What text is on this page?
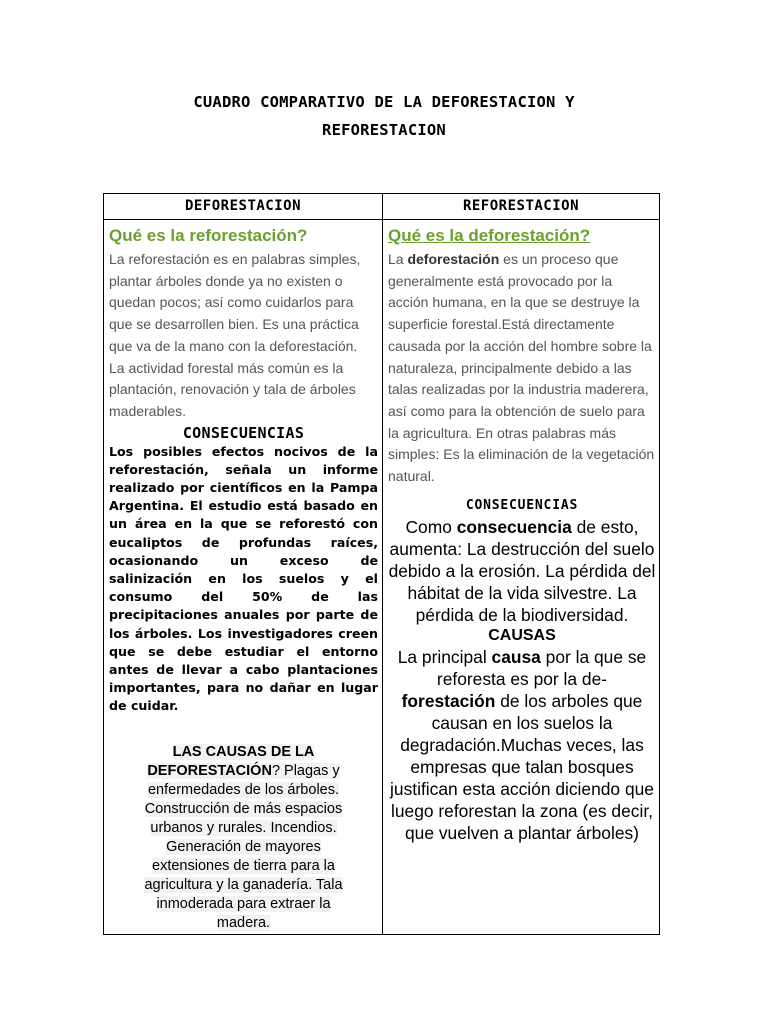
CUADRO COMPARATIVO DE LA DEFORESTACION Y
REFORESTACION
DEFORESTACION	REFORESTACION
Qué es la reforestación?

La reforestación es en palabras simples, plantar árboles donde ya no existen o quedan pocos; así como cuidarlos para que se desarrollen bien. Es una práctica que va de la mano con la deforestación.

La actividad forestal más común es la plantación, renovación y tala de árboles maderables.

CONSECUENCIAS

Los posibles efectos nocivos de la reforestación, señala un informe realizado por científicos en la Pampa Argentina. El estudio está basado en un área en la que se reforestó con eucaliptos de profundas raíces, ocasionando un exceso de salinización en los suelos y el consumo del 50% de las precipitaciones anuales por parte de los árboles. Los investigadores creen que se debe estudiar el entorno antes de llevar a cabo plantaciones importantes, para no dañar en lugar de cuidar.

LAS CAUSAS DE LA
DEFORESTACIÓN? Plagas y
enfermedades de los árboles.
Construcción de más espacios
urbanos y rurales. Incendios.
Generación de mayores
extensiones de tierra para la
agricultura y la ganadería. Tala
inmoderada para extraer la
madera.
Qué es la deforestación?

La deforestación es un proceso que generalmente está provocado por la acción humana, en la que se destruye la superficie forestal.Está directamente causada por la acción del hombre sobre la naturaleza, principalmente debido a las talas realizadas por la industria maderera, así como para la obtención de suelo para la agricultura. En otras palabras más simples: Es la eliminación de la vegetación natural.

CONSECUENCIAS

Como consecuencia de esto, aumenta: La destrucción del suelo debido a la erosión. La pérdida del hábitat de la vida silvestre. La pérdida de la biodiversidad.

CAUSAS

La principal causa por la que se reforesta es por la de-
forestación de los arboles que causan en los suelos la degradación.Muchas veces, las empresas que talan bosques justifican esta acción diciendo que luego reforestan la zona (es decir, que vuelven a plantar árboles)
